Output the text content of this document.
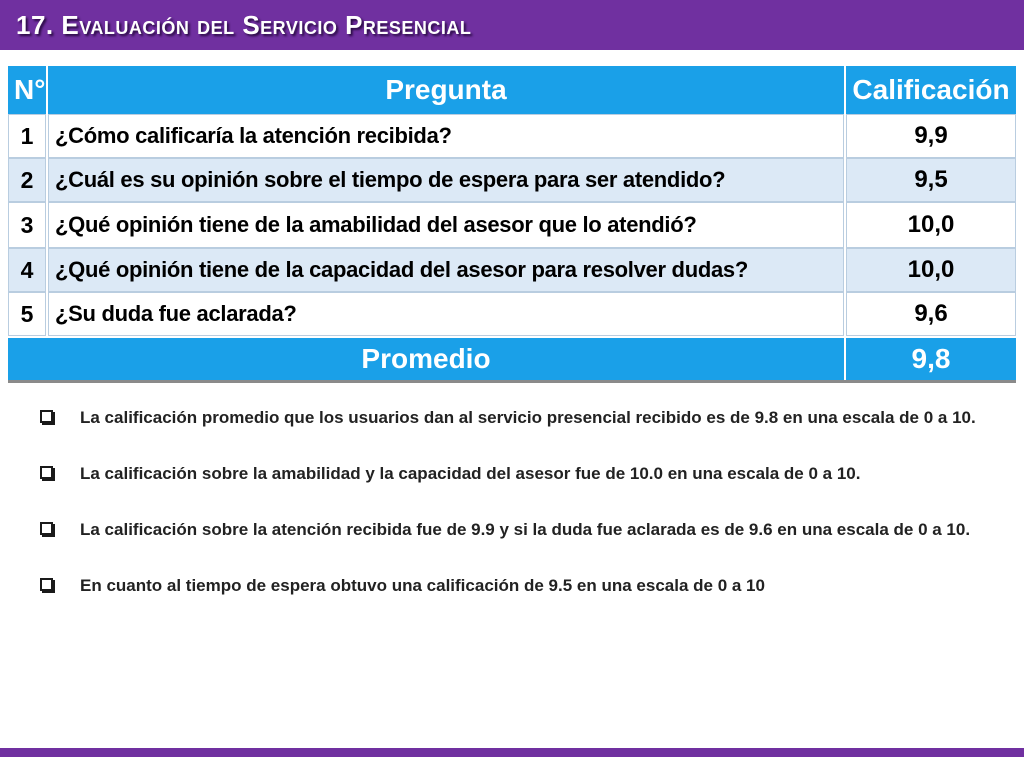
17. Evaluación del Servicio Presencial
N°	Pregunta	Calificación
1 ¿Cómo calificaría la atención recibida?	9,9
2 ¿Cuál es su opinión sobre el tiempo de espera para ser atendido?	9,5
3 ¿Qué opinión tiene de la amabilidad del asesor que lo atendió?	10,0
4 ¿Qué opinión tiene de la capacidad del asesor para resolver dudas?	10,0
5 ¿Su duda fue aclarada?	9,6
Promedio	9,8
La calificación promedio que los usuarios dan al servicio presencial recibido es de 9.8 en una escala de 0 a 10.
La calificación sobre la amabilidad y la capacidad del asesor fue de 10.0 en una escala de 0 a 10.
La calificación sobre la atención recibida fue de 9.9 y si la duda fue aclarada es de 9.6 en una escala de 0 a 10.
En cuanto al tiempo de espera obtuvo una calificación de 9.5 en una escala de 0 a 10
